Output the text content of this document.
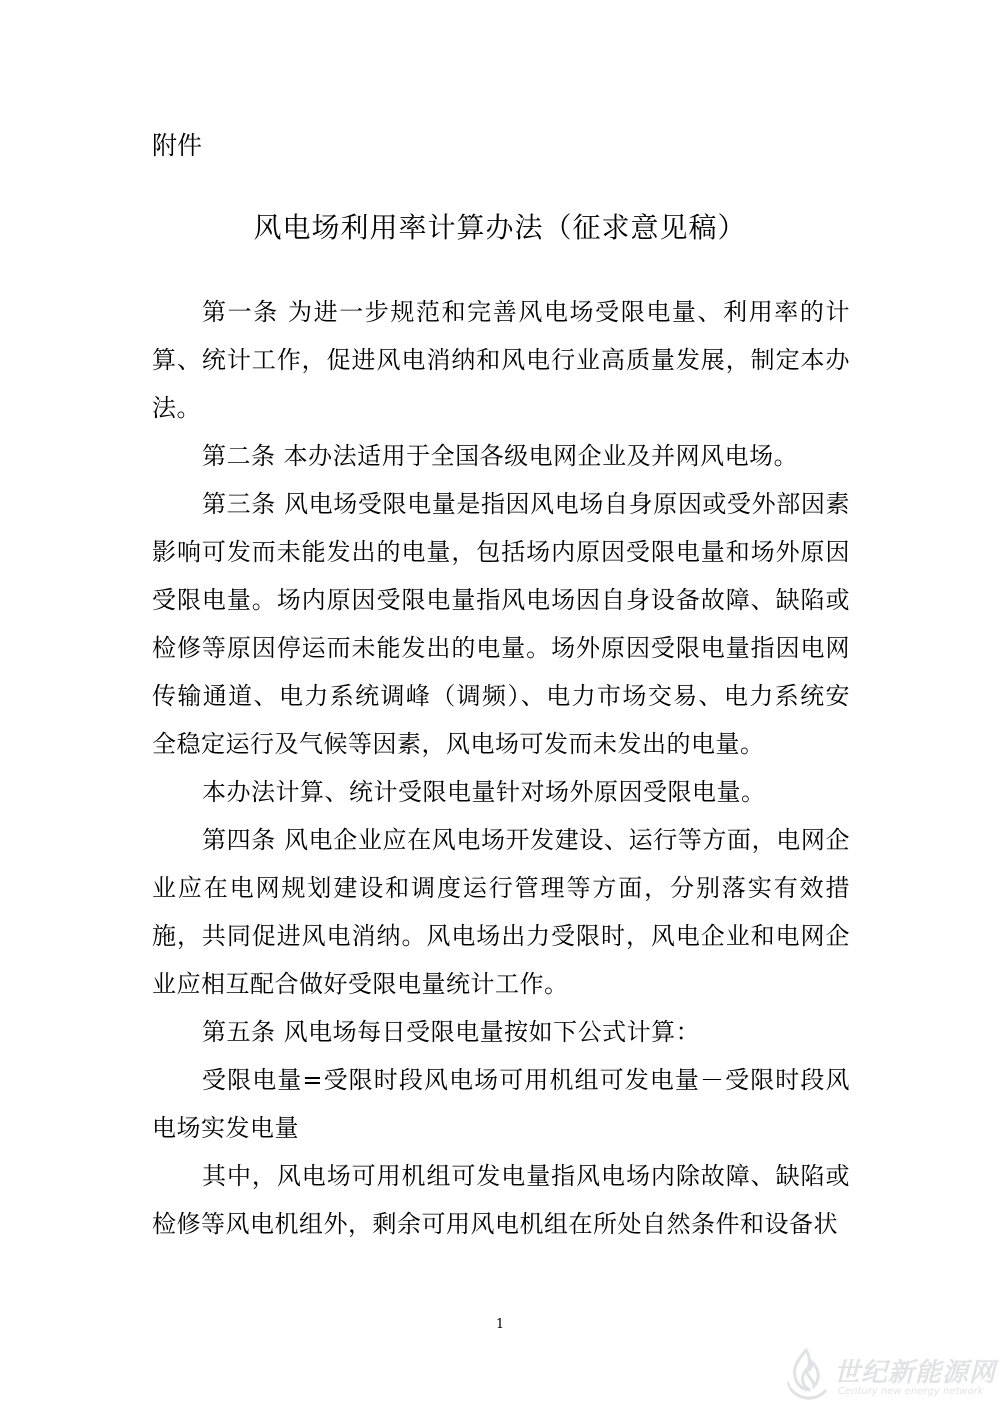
附件

风电场利用率计算办法（征求意见稿）

第一条 为进一步规范和完善风电场受限电量、利用率的计算、统计工作，促进风电消纳和风电行业高质量发展，制定本办法。

第二条 本办法适用于全国各级电网企业及并网风电场。

第三条 风电场受限电量是指因风电场自身原因或受外部因素影响可发而未能发出的电量，包括场内原因受限电量和场外原因受限电量。场内原因受限电量指风电场因自身设备故障、缺陷或检修等原因停运而未能发出的电量。场外原因受限电量指因电网传输通道、电力系统调峰（调频）、电力市场交易、电力系统安全稳定运行及气候等因素，风电场可发而未发出的电量。

本办法计算、统计受限电量针对场外原因受限电量。

第四条 风电企业应在风电场开发建设、运行等方面，电网企业应在电网规划建设和调度运行管理等方面，分别落实有效措施，共同促进风电消纳。风电场出力受限时，风电企业和电网企业应相互配合做好受限电量统计工作。

第五条 风电场每日受限电量按如下公式计算：

受限电量=受限时段风电场可用机组可发电量－受限时段风电场实发电量

其中，风电场可用机组可发电量指风电场内除故障、缺陷或检修等风电机组外，剩余可用风电机组在所处自然条件和设备状

1
世纪新能源网
Century new energy network
